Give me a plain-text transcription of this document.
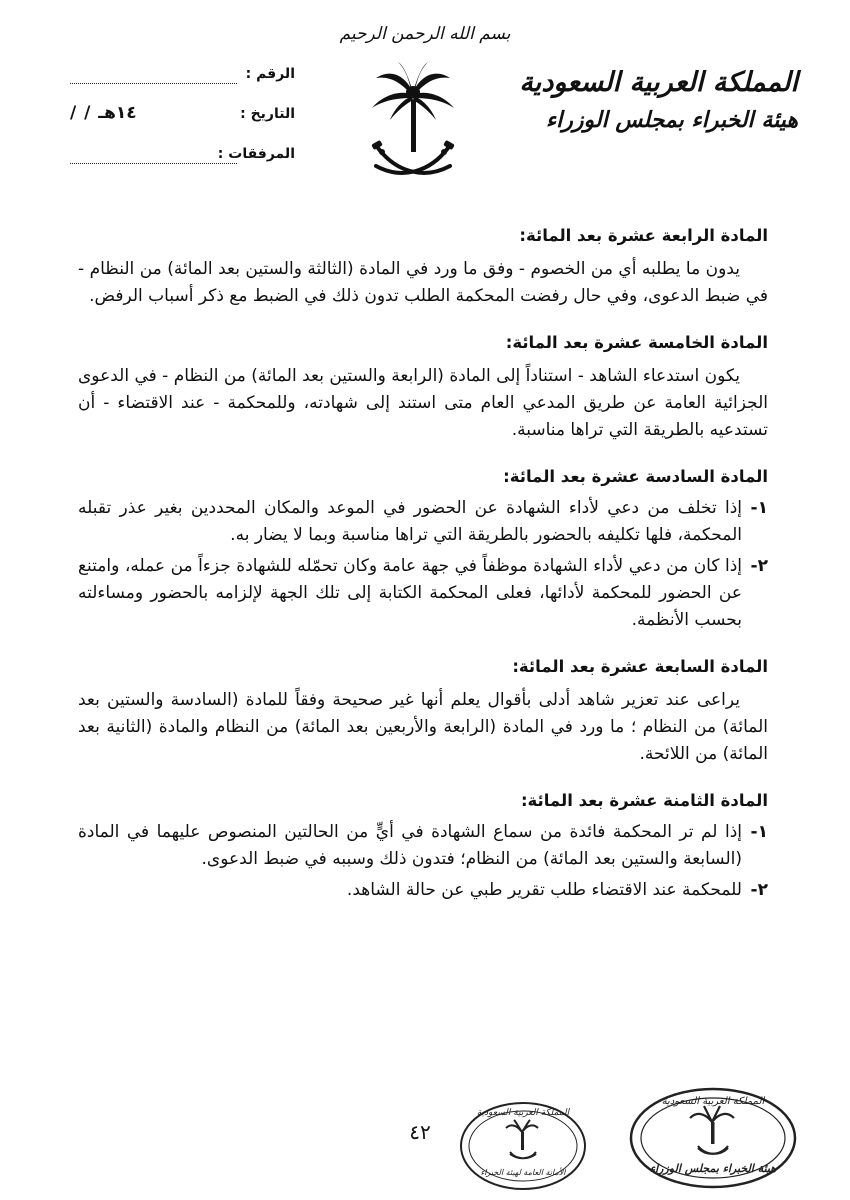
بسم الله الرحمن الرحيم
المملكة العربية السعودية
هيئة الخبراء بمجلس الوزراء
الرقم :
التاريخ :
/ / ١٤هـ
المرفقات :

المادة الرابعة عشرة بعد المائة:

يدون ما يطلبه أي من الخصوم - وفق ما ورد في المادة (الثالثة والستين بعد المائة) من النظام - في ضبط الدعوى، وفي حال رفضت المحكمة الطلب تدون ذلك في الضبط مع ذكر أسباب الرفض.

المادة الخامسة عشرة بعد المائة:

يكون استدعاء الشاهد - استناداً إلى المادة (الرابعة والستين بعد المائة) من النظام - في الدعوى الجزائية العامة عن طريق المدعي العام متى استند إلى شهادته، وللمحكمة - عند الاقتضاء - أن تستدعيه بالطريقة التي تراها مناسبة.

المادة السادسة عشرة بعد المائة:

١ -
إذا تخلف من دعي لأداء الشهادة عن الحضور في الموعد والمكان المحددين بغير عذر تقبله المحكمة، فلها تكليفه بالحضور بالطريقة التي تراها مناسبة وبما لا يضار به.
٢ -
إذا كان من دعي لأداء الشهادة موظفاً في جهة عامة وكان تحمّله للشهادة جزءاً من عمله، وامتنع عن الحضور للمحكمة لأدائها، فعلى المحكمة الكتابة إلى تلك الجهة لإلزامه بالحضور ومساءلته بحسب الأنظمة.

المادة السابعة عشرة بعد المائة:

يراعى عند تعزير شاهد أدلى بأقوال يعلم أنها غير صحيحة وفقاً للمادة (السادسة والستين بعد المائة) من النظام ؛ ما ورد في المادة (الرابعة والأربعين بعد المائة) من النظام والمادة (الثانية بعد المائة) من اللائحة.

المادة الثامنة عشرة بعد المائة:

١ -
إذا لم تر المحكمة فائدة من سماع الشهادة في أيٍّ من الحالتين المنصوص عليهما في المادة (السابعة والستين بعد المائة) من النظام؛ فتدون ذلك وسببه في ضبط الدعوى.
٢ -
للمحكمة عند الاقتضاء طلب تقرير طبي عن حالة الشاهد.
٤٢
المملكة العربية السعودية
الأمانة العامة لهيئة الخبراء
المملكة العربية السعودية
هيئة الخبراء بمجلس الوزراء
